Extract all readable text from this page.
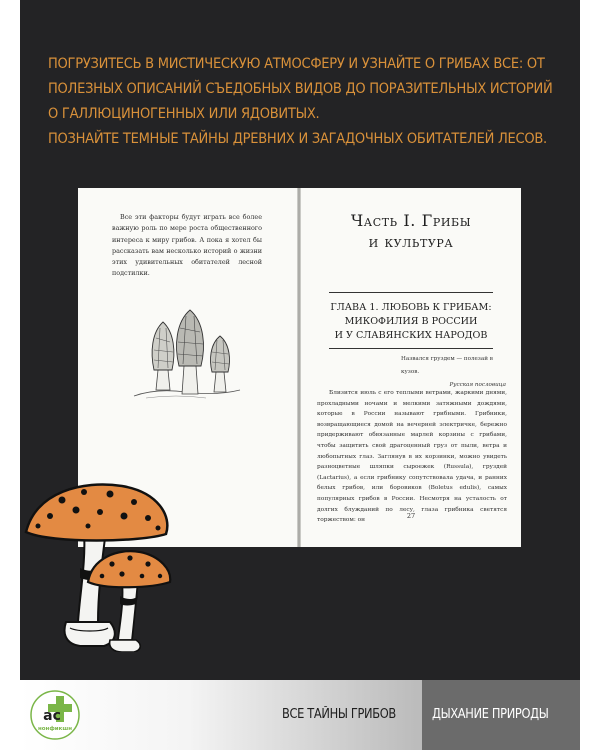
ПОГРУЗИТЕСЬ В МИСТИЧЕСКУЮ АТМОСФЕРУ И УЗНАЙТЕ О ГРИБАХ ВСЕ: ОТ
ПОЛЕЗНЫХ ОПИСАНИЙ СЪЕДОБНЫХ ВИДОВ ДО ПОРАЗИТЕЛЬНЫХ ИСТОРИЙ
О ГАЛЛЮЦИНОГЕННЫХ ИЛИ ЯДОВИТЫХ.
ПОЗНАЙТЕ ТЕМНЫЕ ТАЙНЫ ДРЕВНИХ И ЗАГАДОЧНЫХ ОБИТАТЕЛЕЙ ЛЕСОВ.
Все эти факторы будут играть все более важную роль по мере роста общественного интереса к миру грибов. А пока я хотел бы рассказать вам несколько историй о жизни этих удивительных обитателей лесной подстилки.
Часть I. Грибы
и культура
ГЛАВА 1. ЛЮБОВЬ К ГРИБАМ:
МИКОФИЛИЯ В РОССИИ
И У СЛАВЯНСКИХ НАРОДОВ
Назвался груздем — полезай в кузов.
Русская пословица
Близится июль с его теплыми ветрами, жаркими днями, прохладными ночами и мелкими затяжными дождями, которые в России называют грибными. Грибники, возвращающиеся домой на вечерней электричке, бережно придерживают обвязанные марлей корзины с грибами, чтобы защитить свой драгоценный груз от пыли, ветра и любопытных глаз. Заглянув в их корзинки, можно увидеть разноцветные шляпки сыроежек (Russula), груздей (Lactarius), а если грибнику сопутствовала удача, и ранних белых грибов, или боровиков (Boletus edulis), самых популярных грибов в России. Несмотря на усталость от долгих блужданий по лесу, глаза грибника светятся торжеством: он
27
ac
нонфикшн
ВСЕ ТАЙНЫ ГРИБОВ	ДЫХАНИЕ ПРИРОДЫ
